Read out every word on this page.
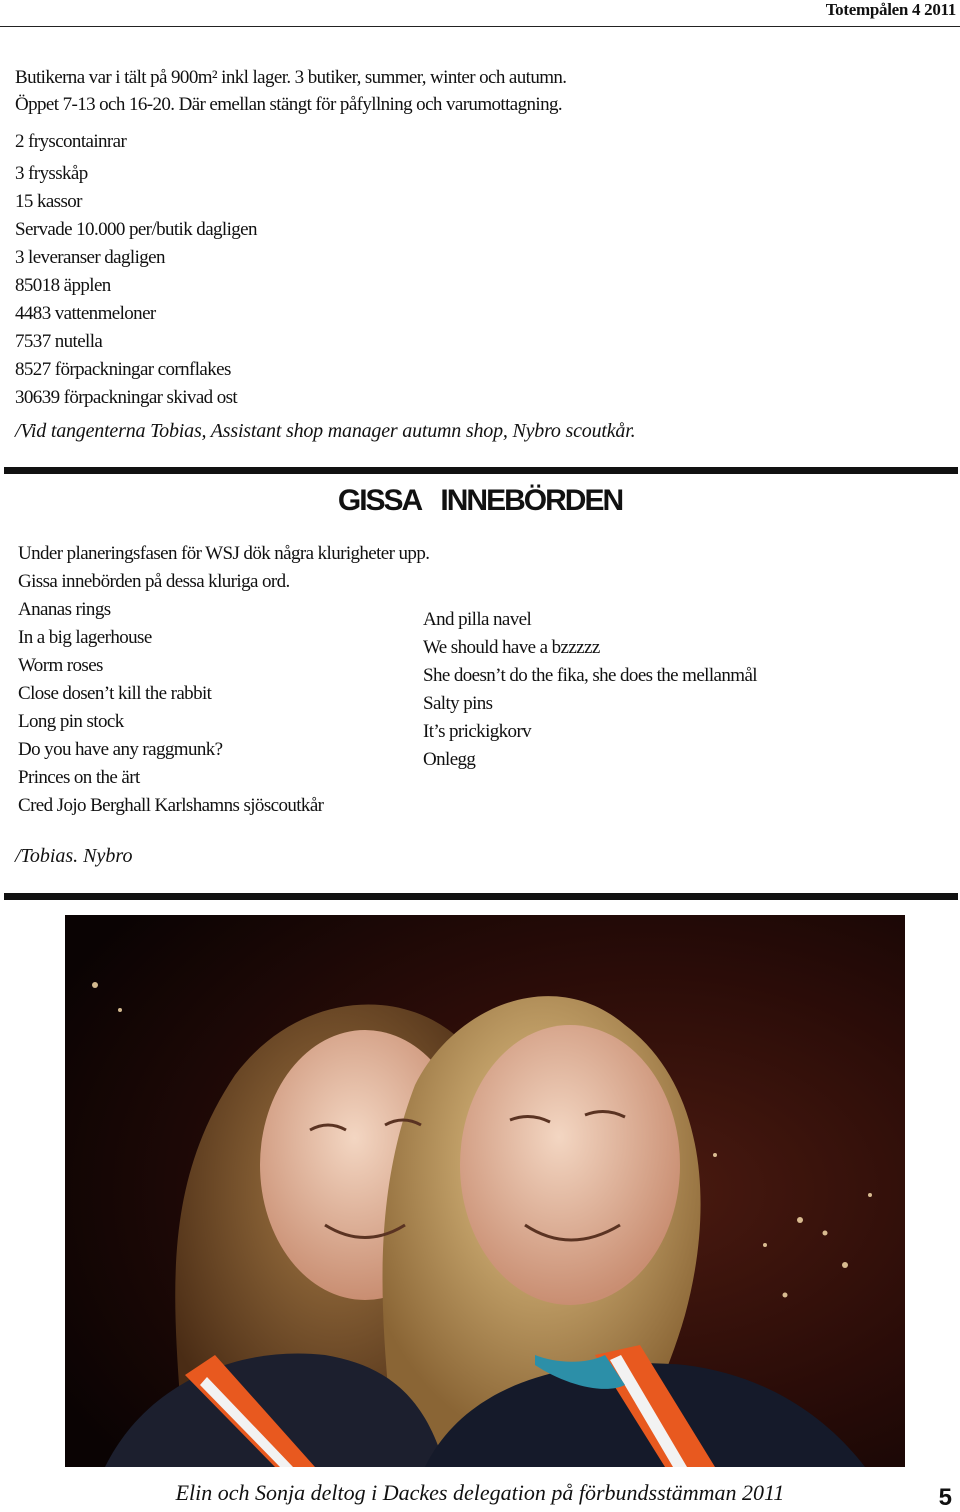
Totempålen 4 2011
Butikerna var i tält på 900m² inkl lager. 3 butiker, summer, winter och autumn.
Öppet 7-13 och 16-20. Där emellan stängt för påfyllning och varumottagning.
2 fryscontainrar
3 frysskåp
15 kassor
Servade 10.000 per/butik dagligen
3 leveranser dagligen
85018 äpplen
4483 vattenmeloner
7537 nutella
8527 förpackningar cornflakes
30639 förpackningar skivad ost
/Vid tangenterna Tobias, Assistant shop manager autumn shop, Nybro scoutkår.
GISSA INNEBÖRDEN
Under planeringsfasen för WSJ dök några klurigheter upp.
Gissa innebörden på dessa kluriga ord.
Ananas rings
In a big lagerhouse
Worm roses
Close dosen’t kill the rabbit
Long pin stock
Do you have any raggmunk?
Princes on the ärt
Cred Jojo Berghall Karlshamns sjöscoutkår
And pilla navel
We should have a bzzzzz
She doesn’t do the fika, she does the mellanmål
Salty pins
It’s prickigkorv
Onlegg
/Tobias. Nybro
Elin och Sonja deltog i Dackes delegation på förbundsstämman 2011	5
